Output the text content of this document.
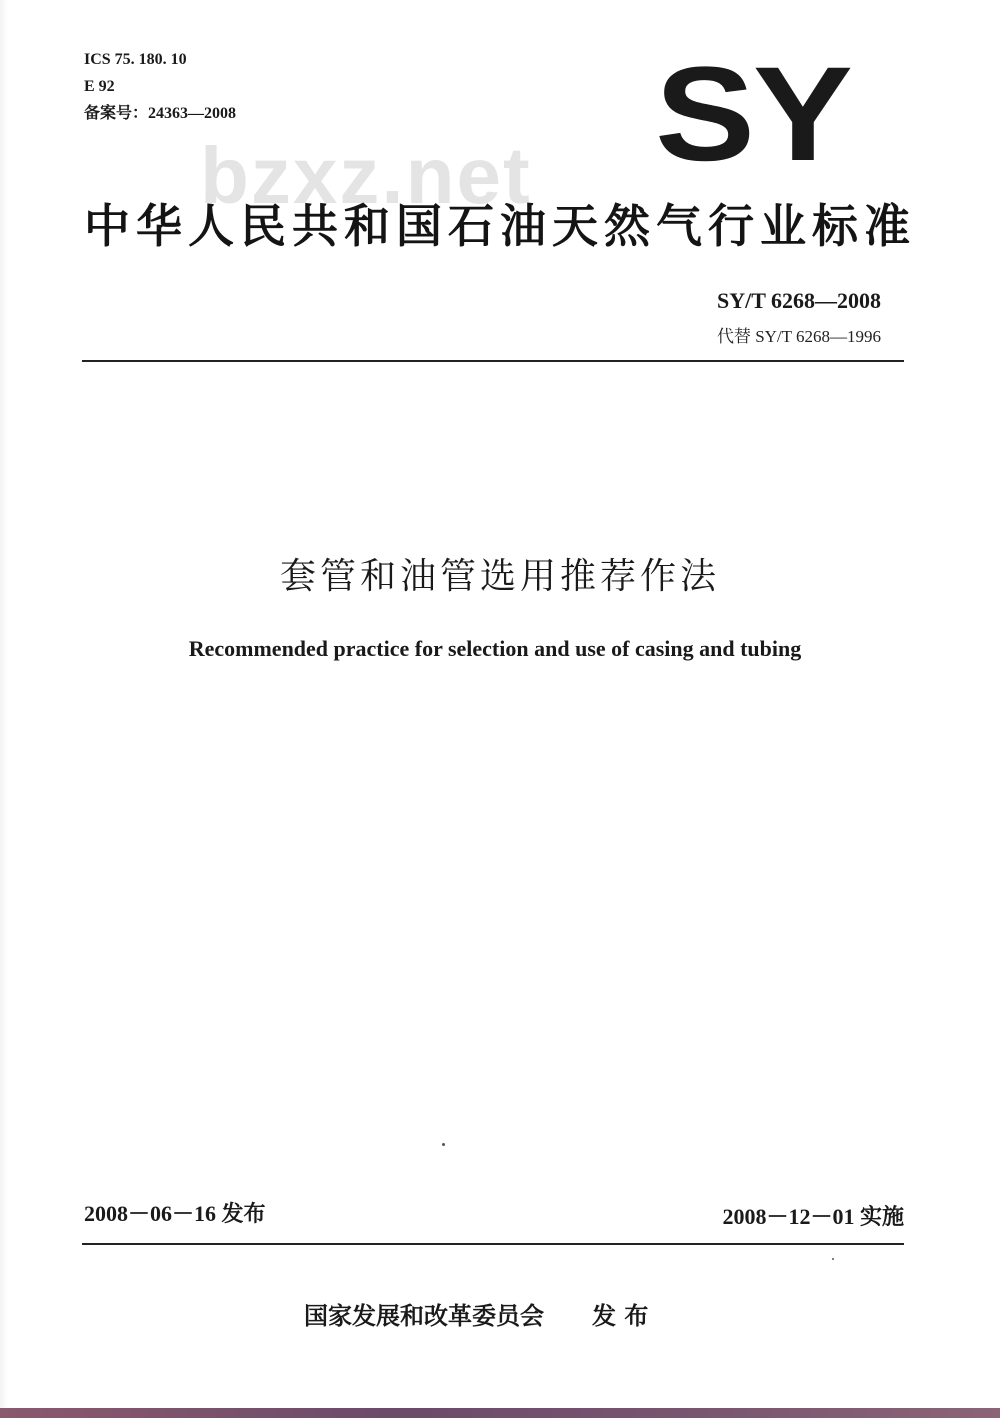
ICS 75. 180. 10
E 92
备案号：24363—2008	SY
bzxz.net
中华人民共和国石油天然气行业标准
SY/T 6268—2008
代替 SY/T 6268—1996
套管和油管选用推荐作法
Recommended practice for selection and use of casing and tubing
2008－06－16 发布	2008－12－01 实施
国家发展和改革委员会 发 布
